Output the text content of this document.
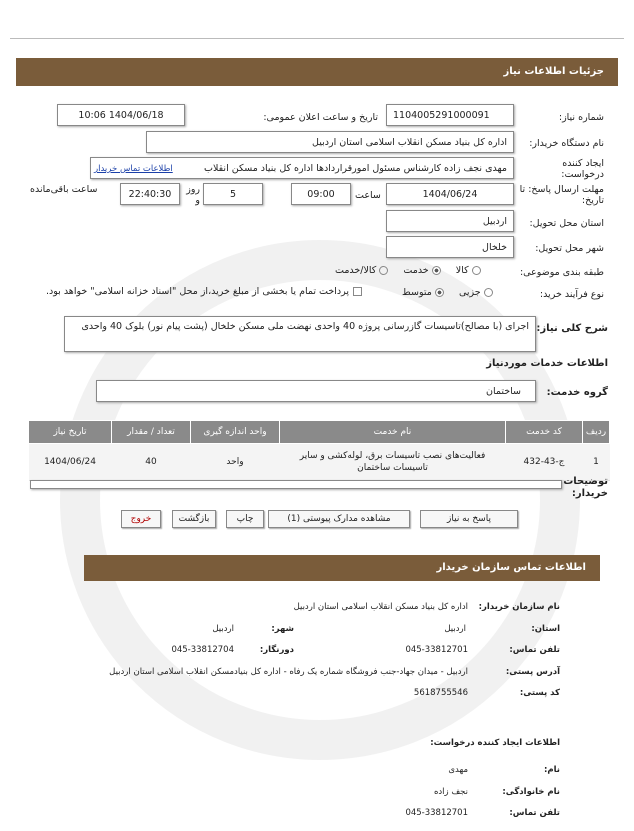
جزئیات اطلاعات نیاز
شماره نیاز:
1104005291000091
تاریخ و ساعت اعلان عمومی:
1404/06/18 10:06
نام دستگاه خریدار:
اداره کل بنیاد مسکن انقلاب اسلامی استان اردبیل
ایجاد کننده درخواست:
مهدی نجف زاده کارشناس مسئول امورقراردادها اداره کل بنیاد مسکن انقلاب
اطلاعات تماس خریدار
مهلت ارسال پاسخ: تا تاریخ:
1404/06/24
ساعت
09:00
5
روز و
22:40:30
ساعت باقی‌مانده
استان محل تحویل:
اردبیل
شهر محل تحویل:
خلخال
طبقه بندی موضوعی:
کالا    خدمت    کالا/خدمت
نوع فرآیند خرید:
جزیی    متوسط
پرداخت تمام یا بخشی از مبلغ خرید،از محل "اسناد خزانه اسلامی" خواهد بود.
شرح کلی نیاز:
اجرای (با مصالح)تاسیسات گازرسانی پروژه 40 واحدی نهضت ملی مسکن خلخال (پشت پیام نور) بلوک 40 واحدی
اطلاعات خدمات موردنیاز
گروه خدمت:
ساختمان
ردیف	کد خدمت	نام خدمت	واحد اندازه گیری	تعداد / مقدار	تاریخ نیاز
1	ج-43-432	فعالیت‌های نصب تاسیسات برق، لوله‌کشی و سایر تاسیسات ساختمان	واحد	40	1404/06/24
توضیحات خریدار:
پاسخ به نیاز
مشاهده مدارک پیوستی (1)
چاپ
بازگشت
خروج
اطلاعات تماس سازمان خریدار
نام سازمان خریدار:
اداره کل بنیاد مسکن انقلاب اسلامی استان اردبیل
استان:
اردبیل
شهر:
اردبیل
تلفن تماس:
045-33812701
دورنگار:
045-33812704
آدرس پستی:
اردبیل - میدان جهاد-جنب فروشگاه شماره یک رفاه - اداره کل بنیادمسکن انقلاب اسلامی استان اردبیل
کد پستی:
5618755546
اطلاعات ایجاد کننده درخواست:
نام:
مهدی
نام خانوادگی:
نجف زاده
تلفن تماس:
045-33812701
